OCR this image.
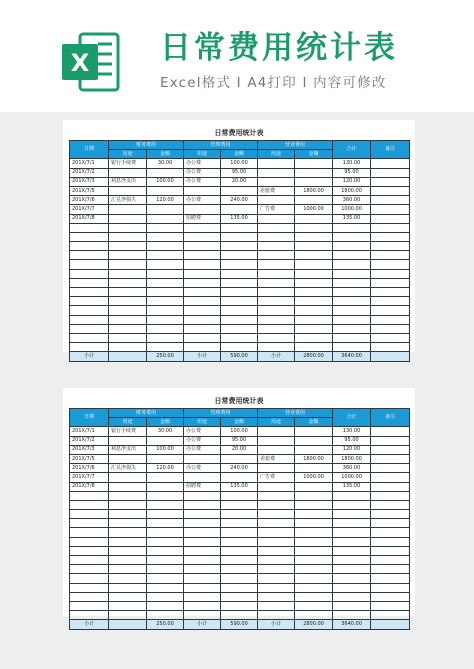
X 日常费用统计表
Excel格式 I A4打印 I 内容可修改
日常费用统计表
日期	财务费用		管理费用		营业费用		合计	备注
	用途	金额	用途	金额	用途	金额		
201X/7/1	银行手续费	30.00	办公费	100.00			130.00	
201X/7/2			办公费	95.00			95.00	
201X/7/3	利息净支出	100.00	办公费	20.00			120.00	
201X/7/5					差旅费	1800.00	1800.00	
201X/7/6	汇兑净损失	120.00	办公费	240.00			360.00	
201X/7/7					广告费	1000.00	1000.00	
201X/7/8			招聘费	135.00			135.00	

小计		250.00	小计	590.00	小计	2800.00	3640.00	
日常费用统计表
日期	财务费用		管理费用		营业费用		合计	备注
	用途	金额	用途	金额	用途	金额		
201X/7/1	银行手续费	30.00	办公费	100.00			130.00	
201X/7/2			办公费	95.00			95.00	
201X/7/3	利息净支出	100.00	办公费	20.00			120.00	
201X/7/5					差旅费	1800.00	1800.00	
201X/7/6	汇兑净损失	120.00	办公费	240.00			360.00	
201X/7/7					广告费	1000.00	1000.00	
201X/7/8			招聘费	135.00			135.00	

小计		250.00	小计	590.00	小计	2800.00	3640.00	
